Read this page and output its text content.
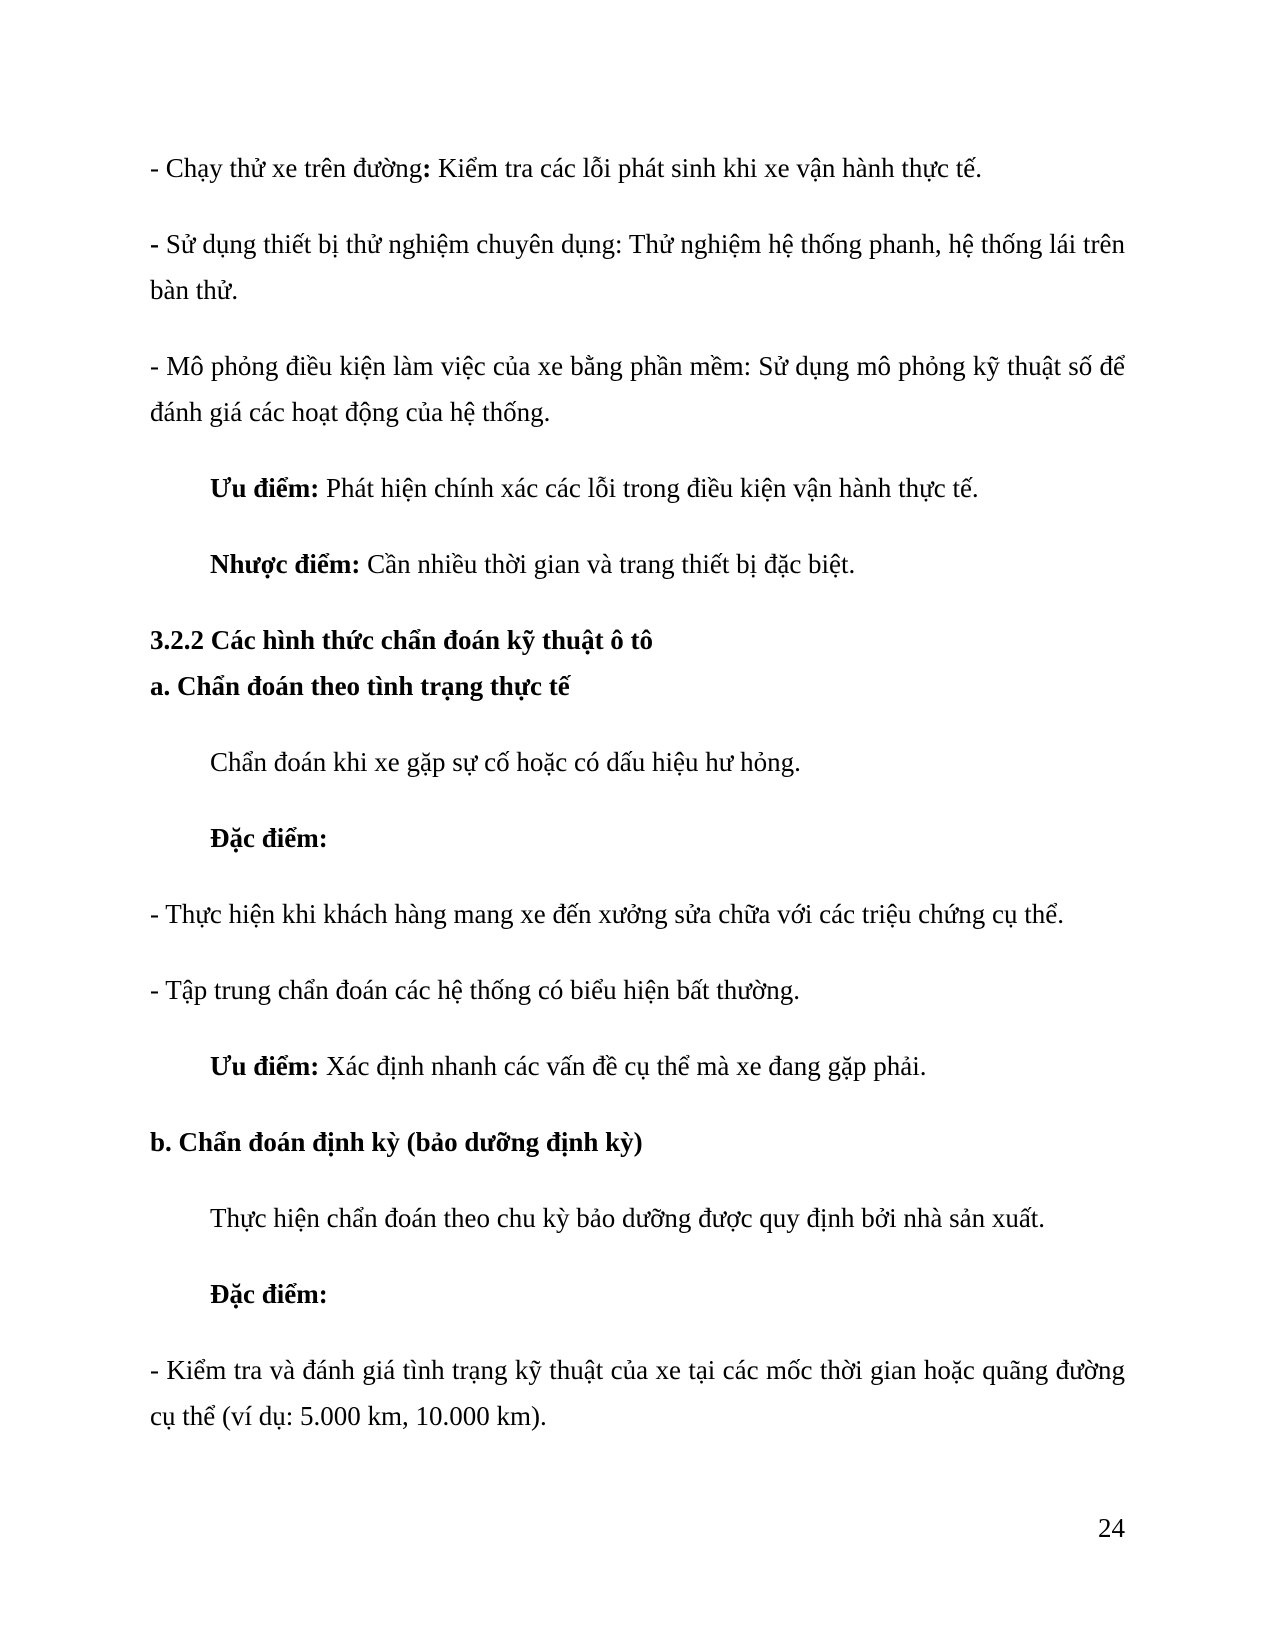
- Chạy thử xe trên đường: Kiểm tra các lỗi phát sinh khi xe vận hành thực tế.
- Sử dụng thiết bị thử nghiệm chuyên dụng: Thử nghiệm hệ thống phanh, hệ thống lái trên
bàn thử.
- Mô phỏng điều kiện làm việc của xe bằng phần mềm: Sử dụng mô phỏng kỹ thuật số để
đánh giá các hoạt động của hệ thống.
Ưu điểm: Phát hiện chính xác các lỗi trong điều kiện vận hành thực tế.
Nhược điểm: Cần nhiều thời gian và trang thiết bị đặc biệt.
3.2.2 Các hình thức chẩn đoán kỹ thuật ô tô
a. Chẩn đoán theo tình trạng thực tế
Chẩn đoán khi xe gặp sự cố hoặc có dấu hiệu hư hỏng.
Đặc điểm:
- Thực hiện khi khách hàng mang xe đến xưởng sửa chữa với các triệu chứng cụ thể.
- Tập trung chẩn đoán các hệ thống có biểu hiện bất thường.
Ưu điểm: Xác định nhanh các vấn đề cụ thể mà xe đang gặp phải.
b. Chẩn đoán định kỳ (bảo dưỡng định kỳ)
Thực hiện chẩn đoán theo chu kỳ bảo dưỡng được quy định bởi nhà sản xuất.
Đặc điểm:
- Kiểm tra và đánh giá tình trạng kỹ thuật của xe tại các mốc thời gian hoặc quãng đường
cụ thể (ví dụ: 5.000 km, 10.000 km).
24
